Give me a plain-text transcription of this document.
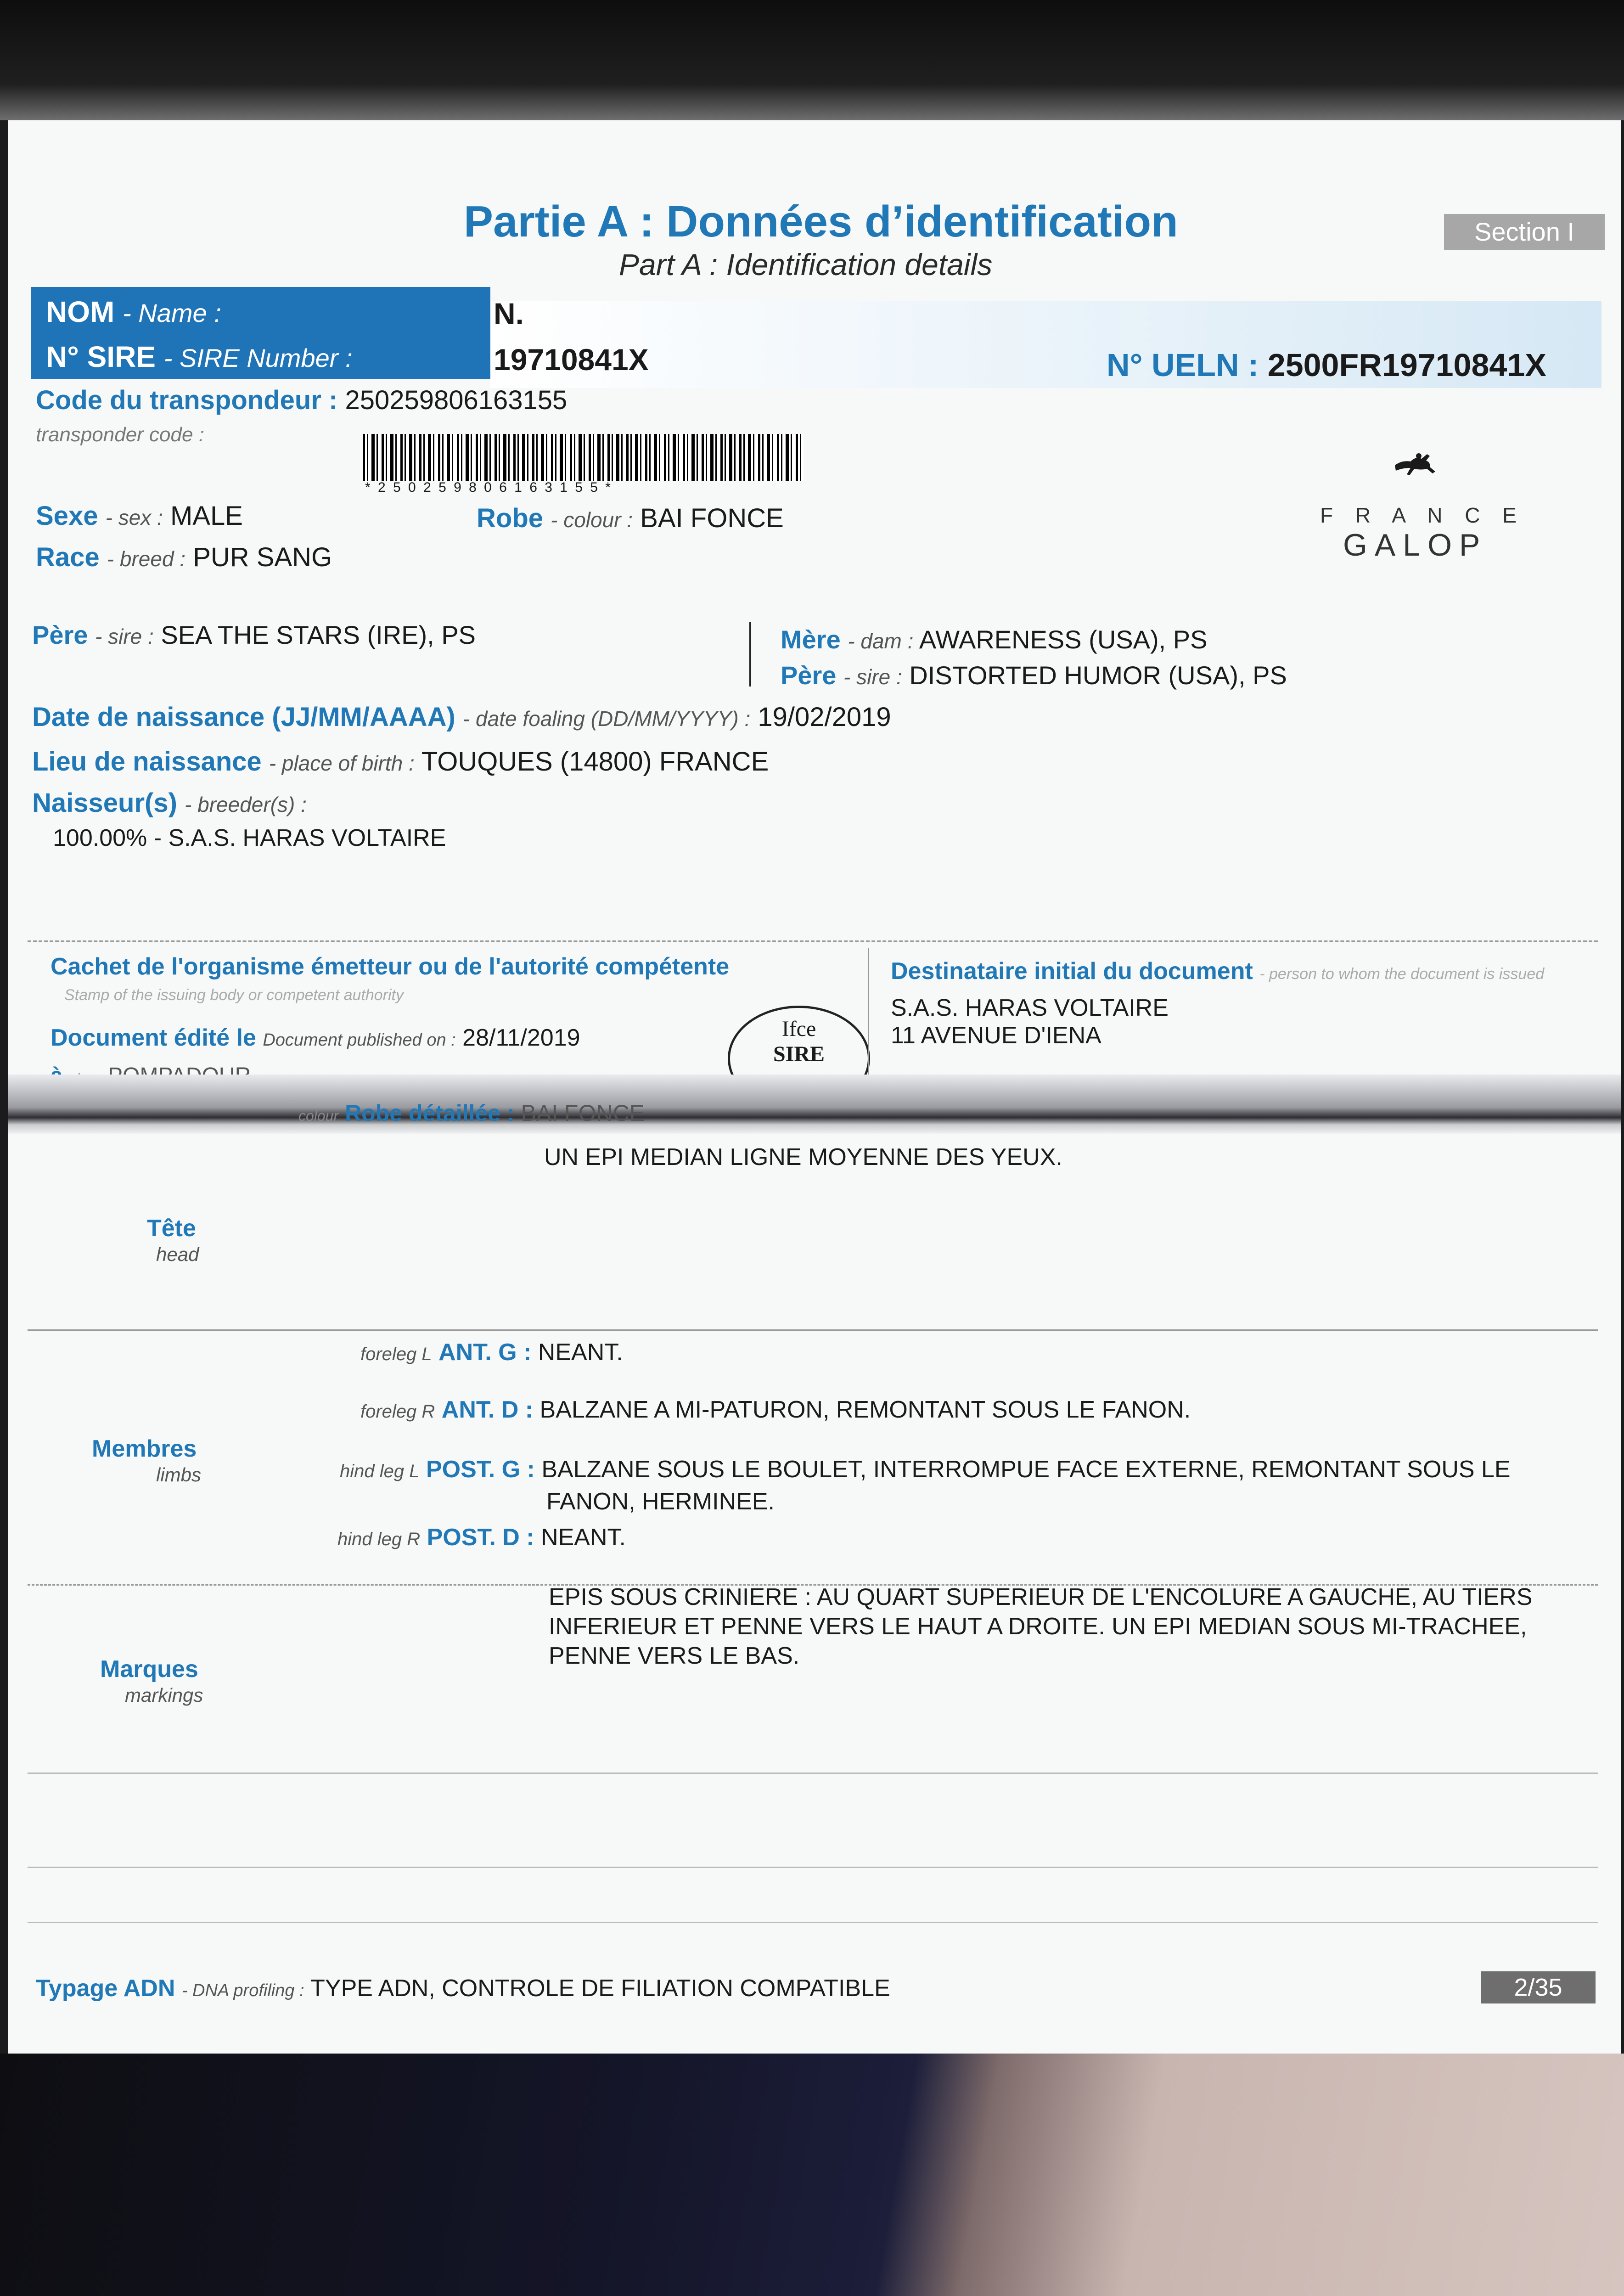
Partie A : Données d’identification
Part A : Identification details
Section I
NOM - Name :
N° SIRE - SIRE Number :
N.
19710841X	N° UELN : 2500FR19710841X
Code du transpondeur : 250259806163155
transponder code :
* 2 5 0 2 5 9 8 0 6 1 6 3 1 5 5 *
F R A N C E
GALOP
Sexe - sex : MALE
Race - breed : PUR SANG
Robe - colour : BAI FONCE
Père - sire : SEA THE STARS (IRE), PS	Mère - dam : AWARENESS (USA), PS
Père - sire : DISTORTED HUMOR (USA), PS
Date de naissance (JJ/MM/AAAA) - date foaling (DD/MM/YYYY) : 19/02/2019
Lieu de naissance - place of birth : TOUQUES (14800) FRANCE
Naisseur(s) - breeder(s) :
100.00% - S.A.S. HARAS VOLTAIRE
Cachet de l'organisme émetteur ou de l'autorité compétente
Stamp of the issuing body or competent authority
Document édité le Document published on : 28/11/2019	Ifce
SIRE
Destinataire initial du document - person to whom the document is issued
S.A.S. HARAS VOLTAIRE
11 AVENUE D'IENA
colour Robe détaillée : BAI FONCE
UN EPI MEDIAN LIGNE MOYENNE DES YEUX.
Tête
head
foreleg L ANT. G : NEANT.
foreleg R ANT. D : BALZANE A MI-PATURON, REMONTANT SOUS LE FANON.
hind leg L POST. G : BALZANE SOUS LE BOULET, INTERROMPUE FACE EXTERNE, REMONTANT SOUS LE
FANON, HERMINEE.
hind leg R POST. D : NEANT.
Membres
limbs
EPIS SOUS CRINIERE : AU QUART SUPERIEUR DE L'ENCOLURE A GAUCHE, AU TIERS
INFERIEUR ET PENNE VERS LE HAUT A DROITE. UN EPI MEDIAN SOUS MI-TRACHEE,
PENNE VERS LE BAS.
Marques
markings
Typage ADN - DNA profiling : TYPE ADN, CONTROLE DE FILIATION COMPATIBLE	2/35
